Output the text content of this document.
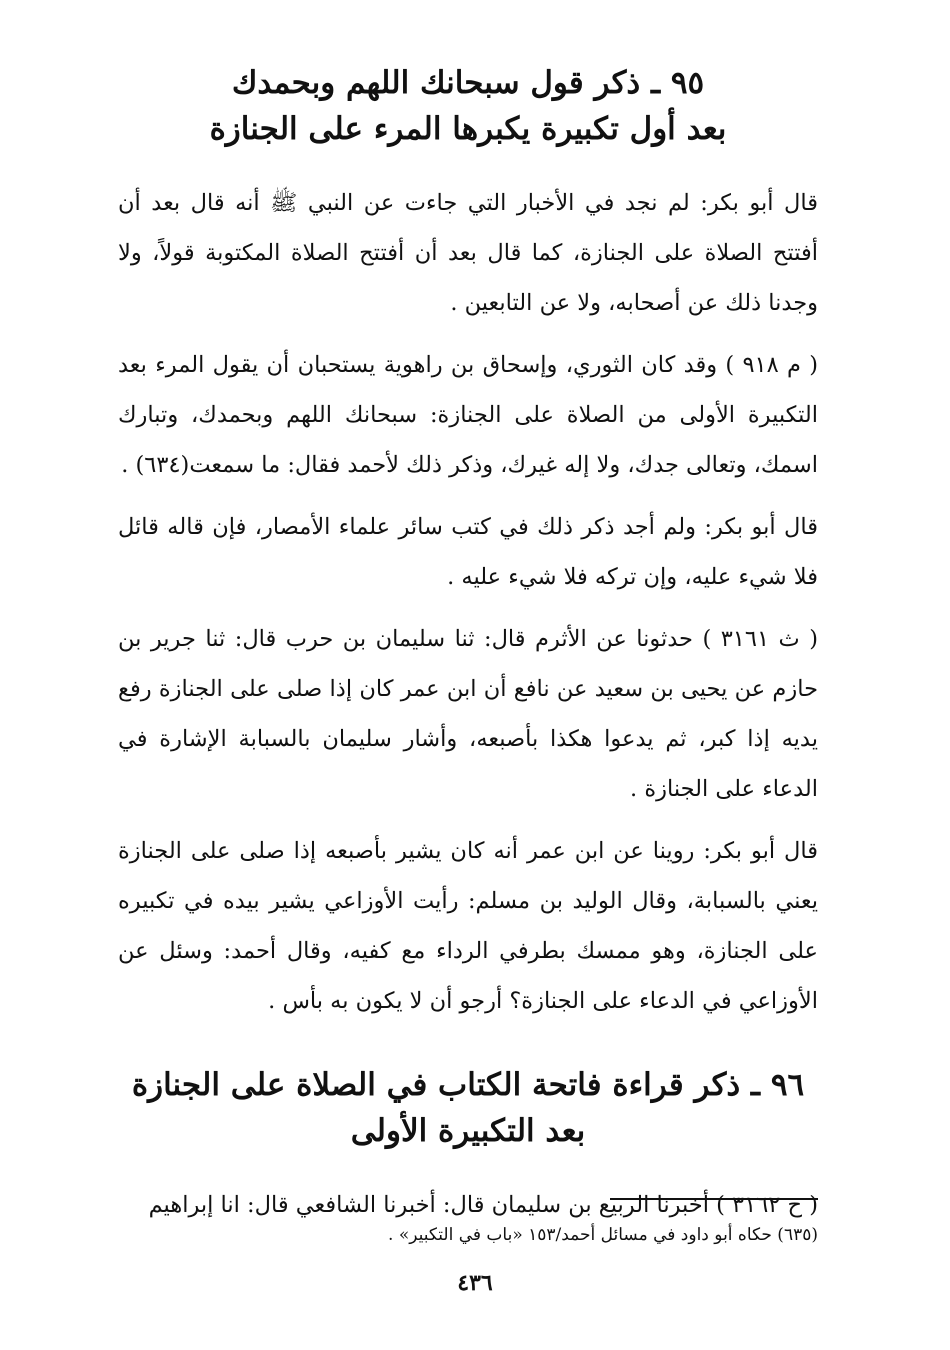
٩٥ ـ ذكر قول سبحانك اللهم وبحمدك
بعد أول تكبيرة يكبرها المرء على الجنازة

قال أبو بكر: لم نجد في الأخبار التي جاءت عن النبي ﷺ أنه قال بعد أن أفتتح الصلاة على الجنازة، كما قال بعد أن أفتتح الصلاة المكتوبة قولاً، ولا وجدنا ذلك عن أصحابه، ولا عن التابعين .

( م ٩١٨ ) وقد كان الثوري، وإسحاق بن راهوية يستحبان أن يقول المرء بعد التكبيرة الأولى من الصلاة على الجنازة: سبحانك اللهم وبحمدك، وتبارك اسمك، وتعالى جدك، ولا إله غيرك، وذكر ذلك لأحمد فقال: ما سمعت(٦٣٤) .

قال أبو بكر: ولم أجد ذكر ذلك في كتب سائر علماء الأمصار، فإن قاله قائل فلا شيء عليه، وإن تركه فلا شيء عليه .

( ث ٣١٦١ ) حدثونا عن الأثرم قال: ثنا سليمان بن حرب قال: ثنا جرير بن حازم عن يحيى بن سعيد عن نافع أن ابن عمر كان إذا صلى على الجنازة رفع يديه إذا كبر، ثم يدعوا هكذا بأصبعه، وأشار سليمان بالسبابة الإشارة في الدعاء على الجنازة .

قال أبو بكر: روينا عن ابن عمر أنه كان يشير بأصبعه إذا صلى على الجنازة يعني بالسبابة، وقال الوليد بن مسلم: رأيت الأوزاعي يشير بيده في تكبيره على الجنازة، وهو ممسك بطرفي الرداء مع كفيه، وقال أحمد: وسئل عن الأوزاعي في الدعاء على الجنازة؟ أرجو أن لا يكون به بأس .

٩٦ ـ ذكر قراءة فاتحة الكتاب في الصلاة على الجنازة
بعد التكبيرة الأولى

( ح ٣١٦٢ ) أخبرنا الربيع بن سليمان قال: أخبرنا الشافعي قال: انا إبراهيم

(٦٣٥) حكاه أبو داود في مسائل أحمد/١٥٣ «باب في التكبير» .

٤٣٦
